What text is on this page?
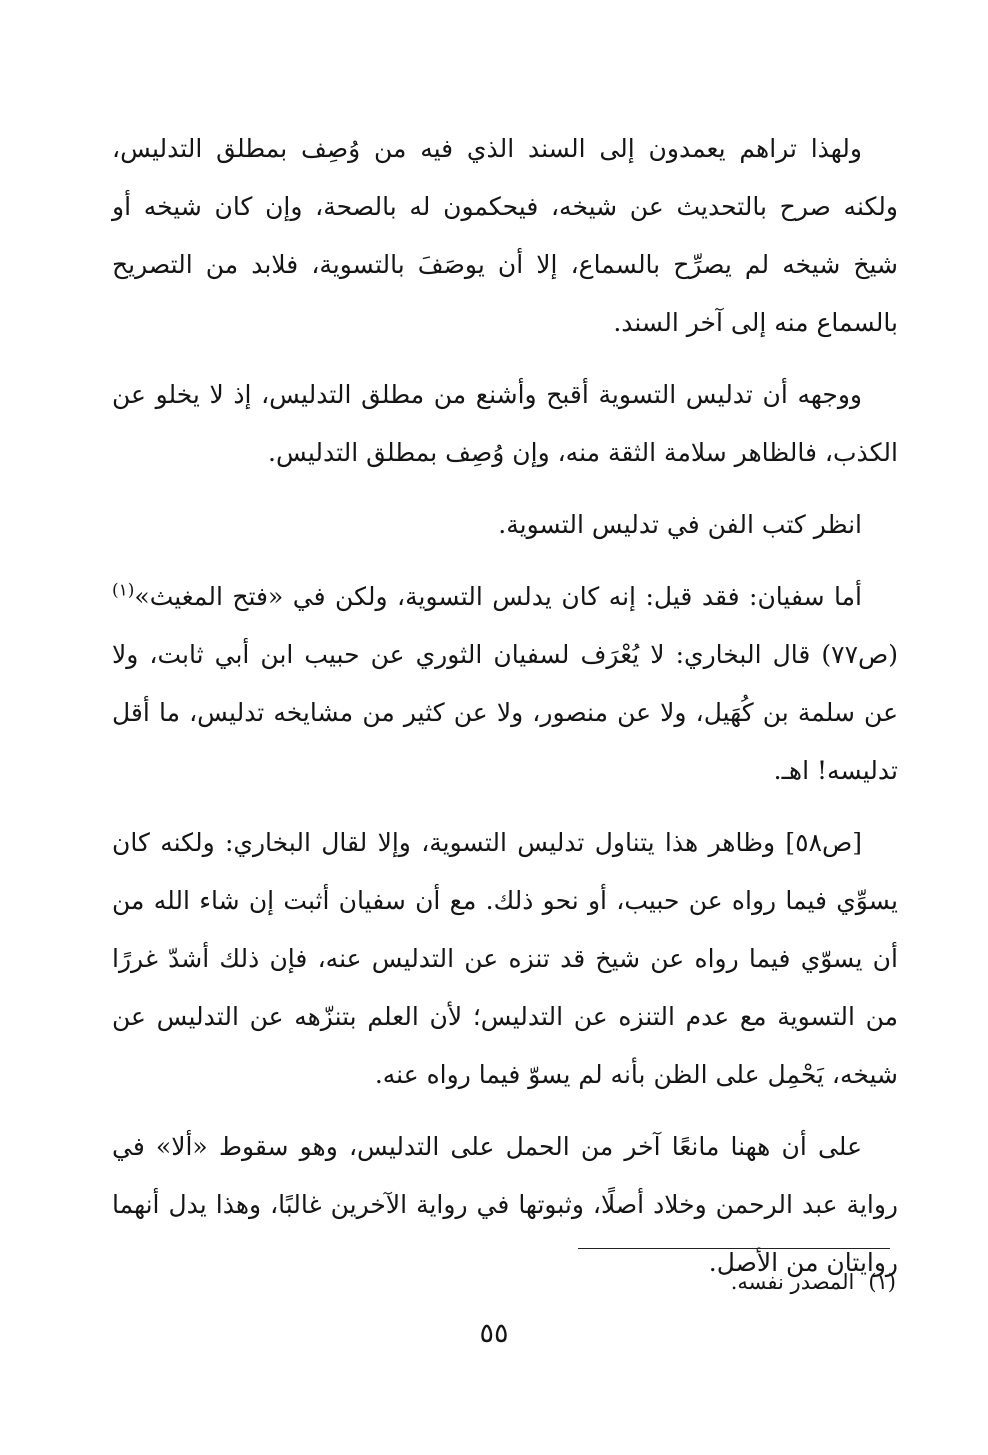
ولهذا تراهم يعمدون إلى السند الذي فيه من وُصِف بمطلق التدليس، ولكنه صرح بالتحديث عن شيخه، فيحكمون له بالصحة، وإن كان شيخه أو شيخ شيخه لم يصرِّح بالسماع، إلا أن يوصَفَ بالتسوية، فلابد من التصريح بالسماع منه إلى آخر السند.

ووجهه أن تدليس التسوية أقبح وأشنع من مطلق التدليس، إذ لا يخلو عن الكذب، فالظاهر سلامة الثقة منه، وإن وُصِف بمطلق التدليس.

انظر كتب الفن في تدليس التسوية.

أما سفيان: فقد قيل: إنه كان يدلس التسوية، ولكن في «فتح المغيث»$^{(١)}$ (ص٧٧) قال البخاري: لا يُعْرَف لسفيان الثوري عن حبيب ابن أبي ثابت، ولا عن سلمة بن كُهَيل، ولا عن منصور، ولا عن كثير من مشايخه تدليس، ما أقل تدليسه! اهـ.

[ص٥٨] وظاهر هذا يتناول تدليس التسوية، وإلا لقال البخاري: ولكنه كان يسوِّي فيما رواه عن حبيب، أو نحو ذلك. مع أن سفيان أثبت إن شاء الله من أن يسوّي فيما رواه عن شيخ قد تنزه عن التدليس عنه، فإن ذلك أشدّ غررًا من التسوية مع عدم التنزه عن التدليس؛ لأن العلم بتنزّهه عن التدليس عن شيخه، يَحْمِل على الظن بأنه لم يسوّ فيما رواه عنه.

على أن ههنا مانعًا آخر من الحمل على التدليس، وهو سقوط «ألا» في رواية عبد الرحمن وخلاد أصلًا، وثبوتها في رواية الآخرين غالبًا، وهذا يدل أنهما روايتان من الأصل.

(١)المصدر نفسه.
٥٥
